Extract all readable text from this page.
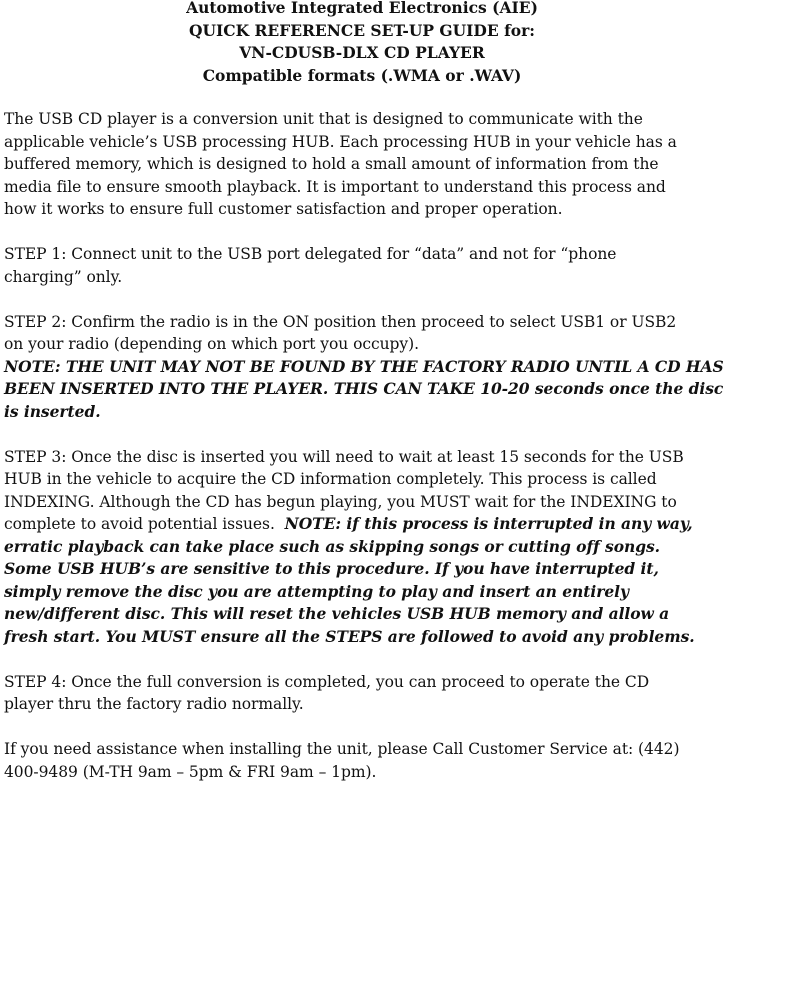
Automotive Integrated Electronics (AIE)
QUICK REFERENCE SET-UP GUIDE for:
VN-CDUSB-DLX CD PLAYER
Compatible formats (.WMA or .WAV)
The USB CD player is a conversion unit that is designed to communicate with the
applicable vehicle’s USB processing HUB. Each processing HUB in your vehicle has a
buffered memory, which is designed to hold a small amount of information from the
media file to ensure smooth playback. It is important to understand this process and
how it works to ensure full customer satisfaction and proper operation.
STEP 1: Connect unit to the USB port delegated for “data” and not for “phone
charging” only.
STEP 2: Confirm the radio is in the ON position then proceed to select USB1 or USB2
on your radio (depending on which port you occupy).
NOTE: THE UNIT MAY NOT BE FOUND BY THE FACTORY RADIO UNTIL A CD HAS
BEEN INSERTED INTO THE PLAYER. THIS CAN TAKE 10-20 seconds once the disc
is inserted.
STEP 3: Once the disc is inserted you will need to wait at least 15 seconds for the USB
HUB in the vehicle to acquire the CD information completely. This process is called
INDEXING. Although the CD has begun playing, you MUST wait for the INDEXING to
complete to avoid potential issues.  NOTE: if this process is interrupted in any way,
erratic playback can take place such as skipping songs or cutting off songs.
Some USB HUB’s are sensitive to this procedure. If you have interrupted it,
simply remove the disc you are attempting to play and insert an entirely
new/different disc. This will reset the vehicles USB HUB memory and allow a
fresh start. You MUST ensure all the STEPS are followed to avoid any problems.
STEP 4: Once the full conversion is completed, you can proceed to operate the CD
player thru the factory radio normally.
If you need assistance when installing the unit, please Call Customer Service at: (442)
400-9489 (M-TH 9am – 5pm & FRI 9am – 1pm).
